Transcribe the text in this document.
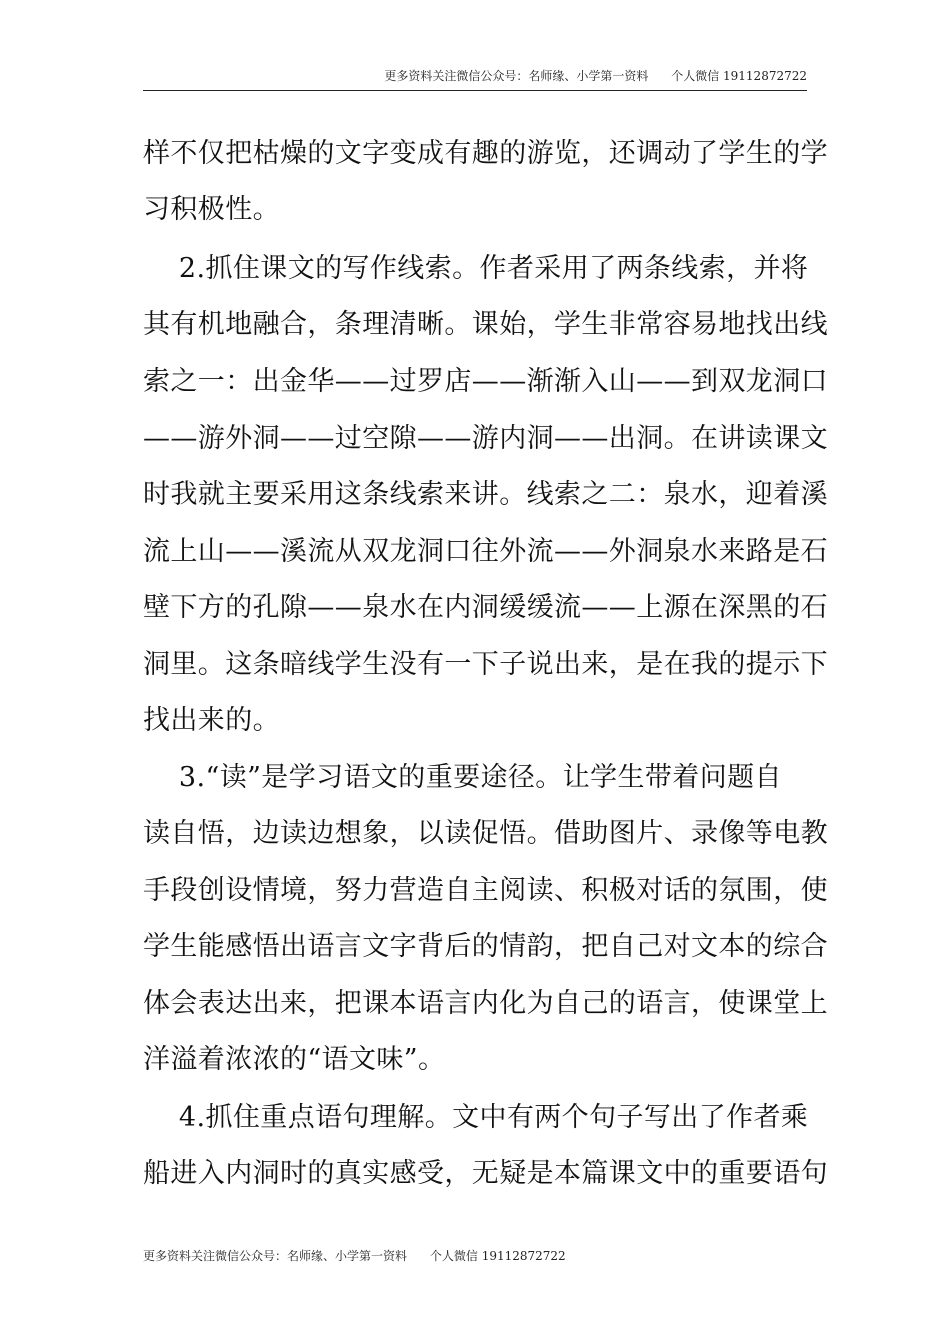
更多资料关注微信公众号：名师缘、小学第一资料      个人微信 19112872722
样不仅把枯燥的文字变成有趣的游览，还调动了学生的学
习积极性。
2.抓住课文的写作线索。作者采用了两条线索，并将
其有机地融合，条理清晰。课始，学生非常容易地找出线
索之一：出金华——过罗店——渐渐入山——到双龙洞口
——游外洞——过空隙——游内洞——出洞。在讲读课文
时我就主要采用这条线索来讲。线索之二：泉水，迎着溪
流上山——溪流从双龙洞口往外流——外洞泉水来路是石
壁下方的孔隙——泉水在内洞缓缓流——上源在深黑的石
洞里。这条暗线学生没有一下子说出来，是在我的提示下
找出来的。
3.“读”是学习语文的重要途径。让学生带着问题自
读自悟，边读边想象，以读促悟。借助图片、录像等电教
手段创设情境，努力营造自主阅读、积极对话的氛围，使
学生能感悟出语言文字背后的情韵，把自己对文本的综合
体会表达出来，把课本语言内化为自己的语言，使课堂上
洋溢着浓浓的“语文味”。
4.抓住重点语句理解。文中有两个句子写出了作者乘
船进入内洞时的真实感受，无疑是本篇课文中的重要语句
更多资料关注微信公众号：名师缘、小学第一资料      个人微信 19112872722
